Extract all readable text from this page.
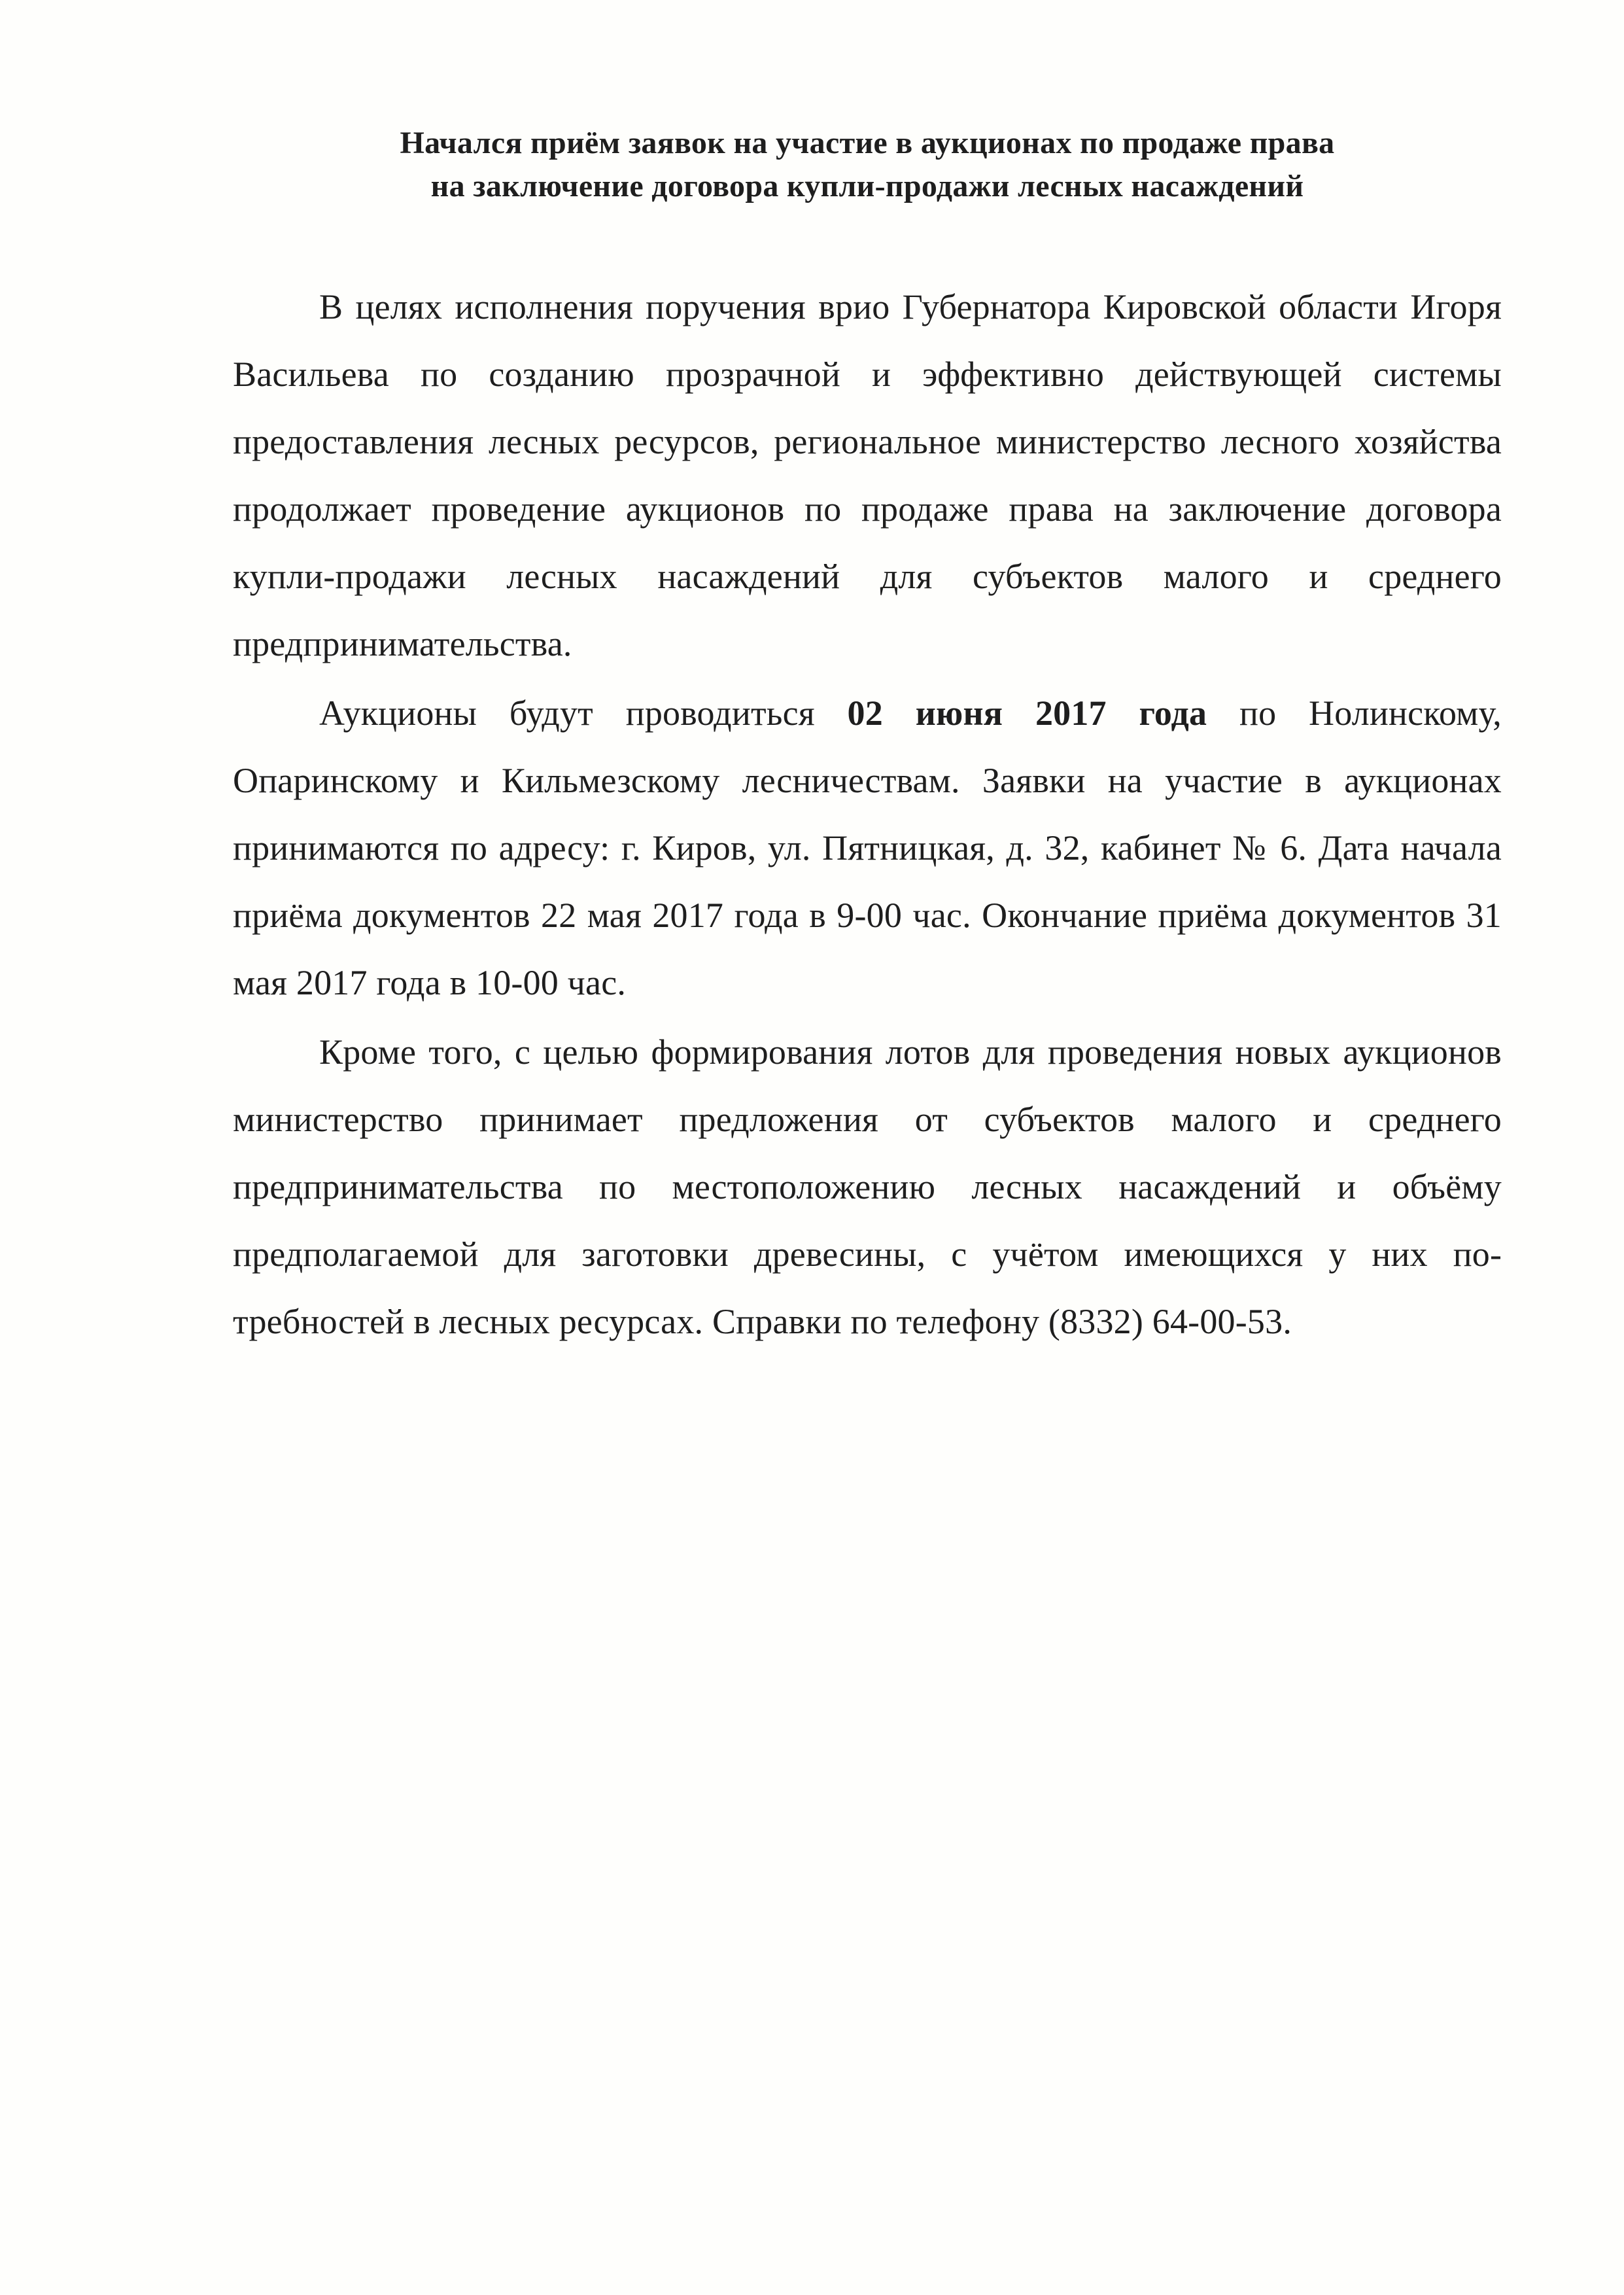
Начался приём заявок на участие в аукционах по продаже права
на заключение договора купли-продажи лесных насаждений

В целях исполнения поручения врио Губернатора Кировской области Игоря Васильева по созданию прозрачной и эффективно действующей системы предоставления лесных ресурсов, региональное министерство лесного хозяйства продолжает проведение аукционов по продаже права на заключение договора купли-продажи лесных насаждений для субъектов малого и среднего предпринимательства.

Аукционы будут проводиться 02 июня 2017 года по Нолинскому, Опаринскому и Кильмезскому лесничествам. Заявки на участие в аукционах принимаются по адресу: г. Киров, ул. Пятницкая, д. 32, кабинет № 6. Дата начала приёма документов 22 мая 2017 года в 9-00 час. Окончание приёма документов 31 мая 2017 года в 10-00 час.

Кроме того, с целью формирования лотов для проведения новых аукционов министерство принимает предложения от субъектов малого и среднего предпринимательства по местоположению лесных насаждений и объёму предполагаемой для заготовки древесины, с учётом имеющихся у них потребностей в лесных ресурсах. Справки по телефону (8332) 64-00-53.
